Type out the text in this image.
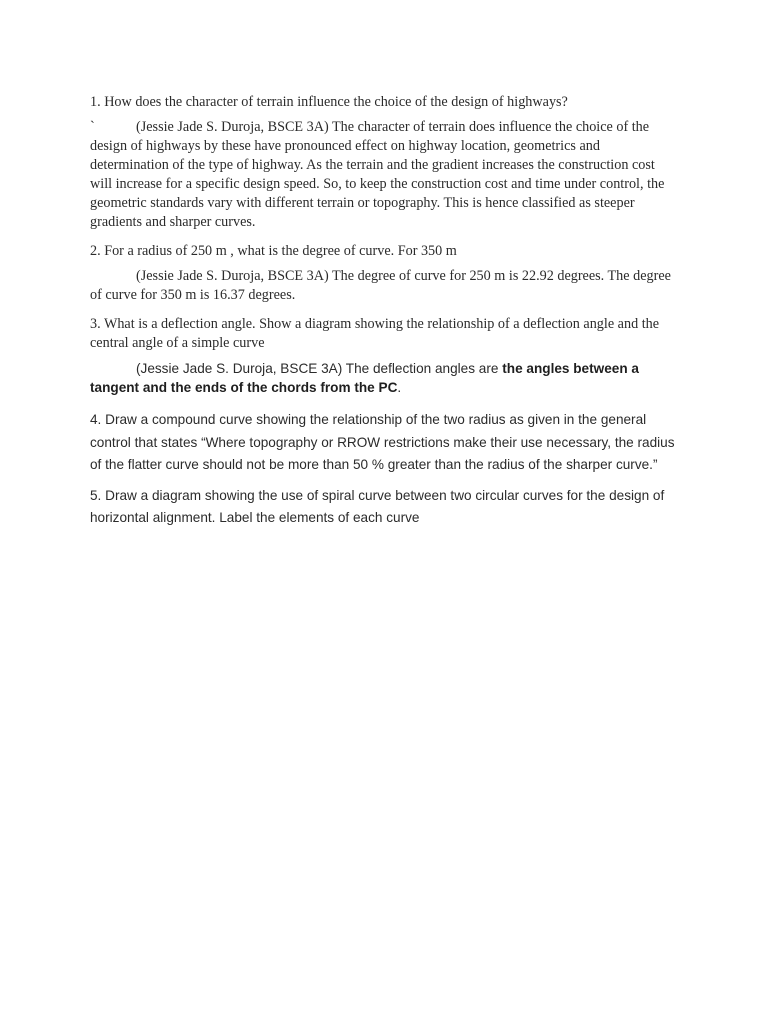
1. How does the character of terrain influence the choice of the design of highways?

`	(Jessie Jade S. Duroja, BSCE 3A) The character of terrain does influence the choice of the design of highways by these have pronounced effect on highway location, geometrics and determination of the type of highway. As the terrain and the gradient increases the construction cost will increase for a specific design speed. So, to keep the construction cost and time under control, the geometric standards vary with different terrain or topography. This is hence classified as steeper gradients and sharper curves.

2. For a radius of 250 m , what is the degree of curve. For 350 m

(Jessie Jade S. Duroja, BSCE 3A) The degree of curve for 250 m is 22.92 degrees. The degree of curve for 350 m is 16.37 degrees.

3. What is a deflection angle. Show a diagram showing the relationship of a deflection angle and the central angle of a simple curve

(Jessie Jade S. Duroja, BSCE 3A) The deflection angles are the angles between a tangent and the ends of the chords from the PC.

4. Draw a compound curve showing the relationship of the two radius as given in the general control that states “Where topography or RROW restrictions make their use necessary, the radius of the flatter curve should not be more than 50 % greater than the radius of the sharper curve.”

5. Draw a diagram showing the use of spiral curve between two circular curves for the design of horizontal alignment. Label the elements of each curve
